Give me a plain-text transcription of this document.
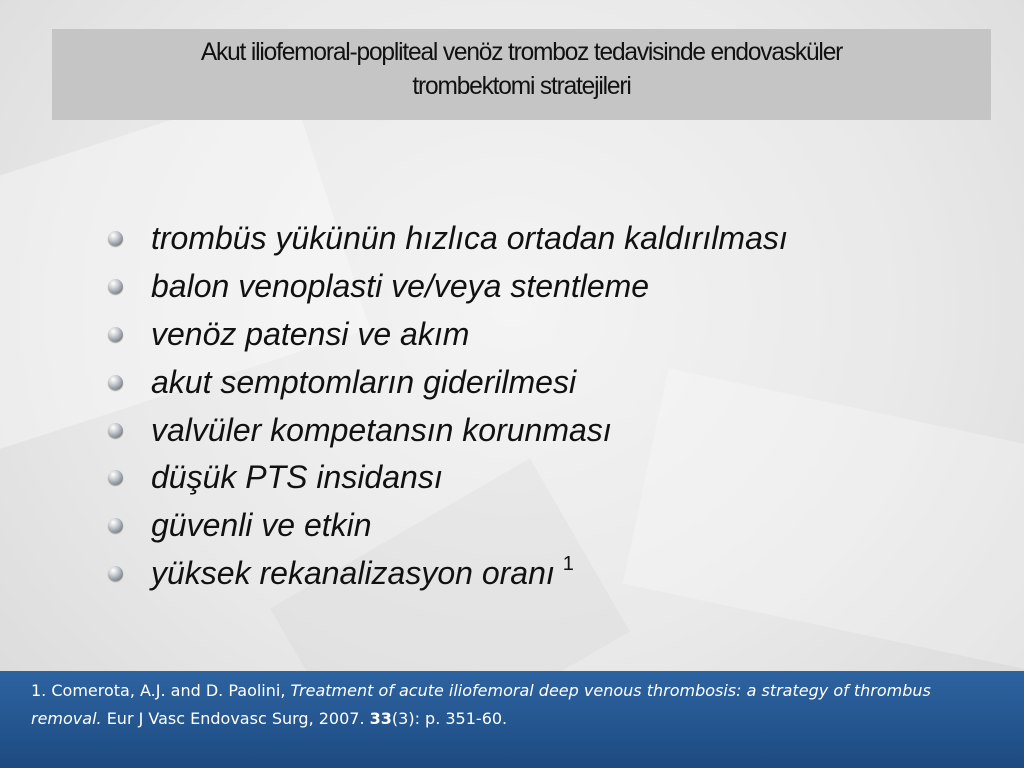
Akut iliofemoral-popliteal venöz tromboz tedavisinde endovasküler
trombektomi stratejileri
trombüs yükünün hızlıca ortadan kaldırılması
balon venoplasti ve/veya stentleme
venöz patensi ve akım
akut semptomların giderilmesi
valvüler kompetansın korunması
düşük PTS insidansı
güvenli ve etkin
yüksek rekanalizasyon oranı $^1$
1. Comerota, A.J. and D. Paolini, Treatment of acute iliofemoral deep venous thrombosis: a strategy of thrombus removal. Eur J Vasc Endovasc Surg, 2007. 33(3): p. 351-60.
